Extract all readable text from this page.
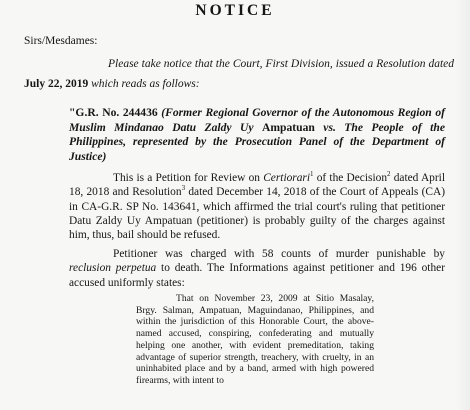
NOTICE
Sirs/Mesdames:
Please take notice that the Court, First Division, issued a Resolution dated July 22, 2019 which reads as follows:
"G.R. No. 244436 (Former Regional Governor of the Autonomous Region of Muslim Mindanao Datu Zaldy Uy Ampatuan vs. The People of the Philippines, represented by the Prosecution Panel of the Department of Justice)
This is a Petition for Review on Certiorari$^1$ of the Decision$^2$ dated April 18, 2018 and Resolution$^3$ dated December 14, 2018 of the Court of Appeals (CA) in CA-G.R. SP No. 143641, which affirmed the trial court's ruling that petitioner Datu Zaldy Uy Ampatuan (petitioner) is probably guilty of the charges against him, thus, bail should be refused.
Petitioner was charged with 58 counts of murder punishable by reclusion perpetua to death. The Informations against petitioner and 196 other accused uniformly states:
That on November 23, 2009 at Sitio Masalay, Brgy. Salman, Ampatuan, Maguindanao, Philippines, and within the jurisdiction of this Honorable Court, the above-named accused, conspiring, confederating and mutually helping one another, with evident premeditation, taking advantage of superior strength, treachery, with cruelty, in an uninhabited place and by a band, armed with high powered firearms, with intent to
